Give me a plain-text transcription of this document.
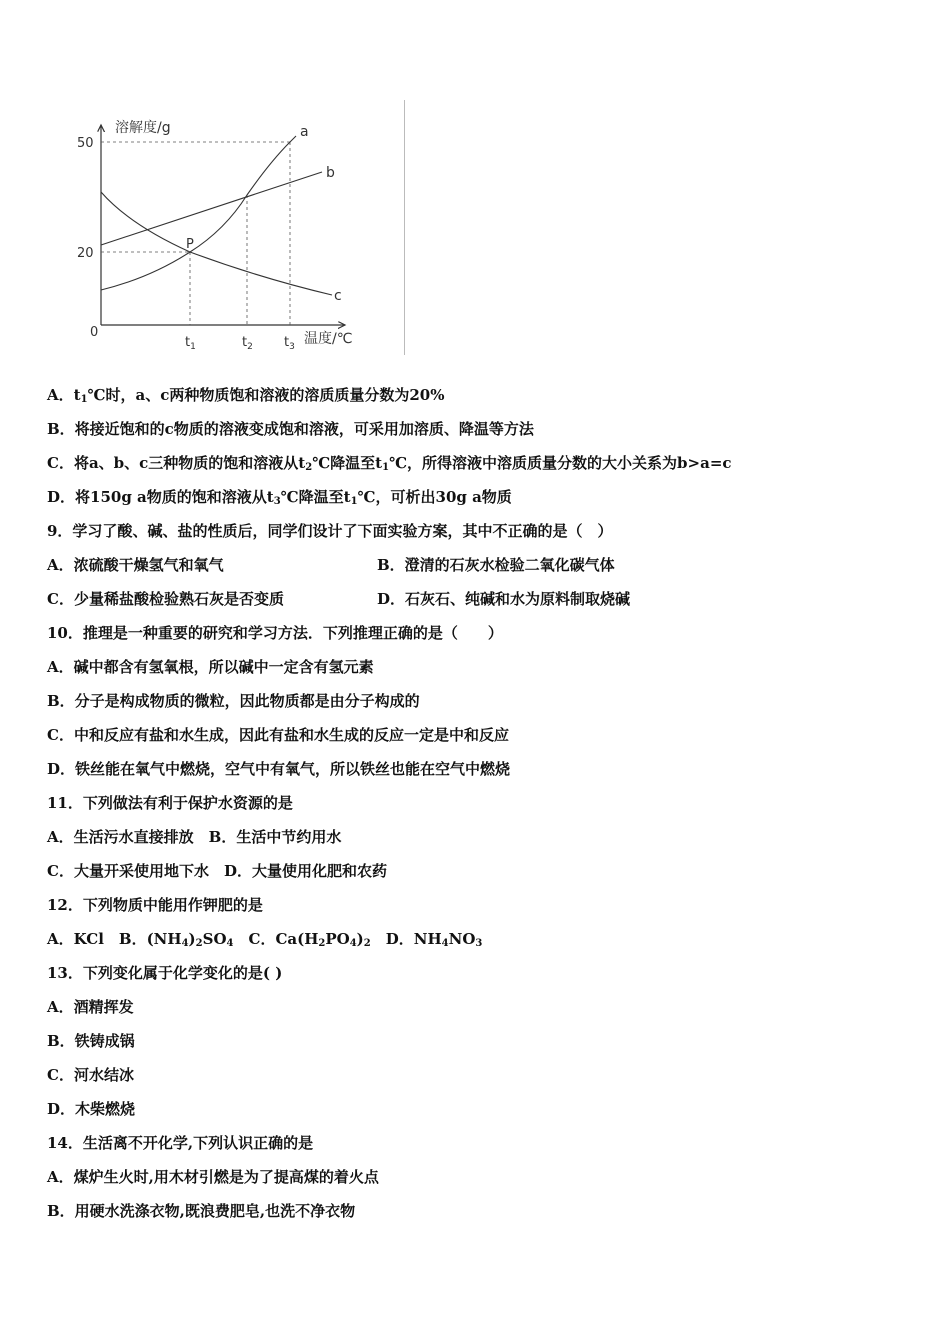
溶解度/g
温度/℃
0
50
20
$t_1$	$t_2$ $t_3$
a
b
c
P
A．$t_1℃$时，a、c两种物质饱和溶液的溶质质量分数为20%
B．将接近饱和的c物质的溶液变成饱和溶液，可采用加溶质、降温等方法
C．将a、b、c三种物质的饱和溶液从$t_2℃$降温至$t_1℃$，所得溶液中溶质质量分数的大小关系为b>a=c
D．将150g a物质的饱和溶液从$t_3℃$降温至$t_1℃$，可析出30g a物质
9．学习了酸、碱、盐的性质后，同学们设计了下面实验方案，其中不正确的是（　）
A．浓硫酸干燥氢气和氧气	B．澄清的石灰水检验二氧化碳气体
C．少量稀盐酸检验熟石灰是否变质	D．石灰石、纯碱和水为原料制取烧碱
10．推理是一种重要的研究和学习方法．下列推理正确的是（　　）
A．碱中都含有氢氧根，所以碱中一定含有氢元素
B．分子是构成物质的微粒，因此物质都是由分子构成的
C．中和反应有盐和水生成，因此有盐和水生成的反应一定是中和反应
D．铁丝能在氧气中燃烧，空气中有氧气，所以铁丝也能在空气中燃烧
11．下列做法有利于保护水资源的是
A．生活污水直接排放　B．生活中节约用水
C．大量开采使用地下水　D．大量使用化肥和农药
12．下列物质中能用作钾肥的是
A．KCl　B．$(NH_4)_2SO_4$　C．$Ca(H_2PO_4)_2$　D．$NH_4NO_3$
13．下列变化属于化学变化的是( )
A．酒精挥发
B．铁铸成锅
C．河水结冰
D．木柴燃烧
14．生活离不开化学,下列认识正确的是
A．煤炉生火时,用木材引燃是为了提高煤的着火点
B．用硬水洗涤衣物,既浪费肥皂,也洗不净衣物
